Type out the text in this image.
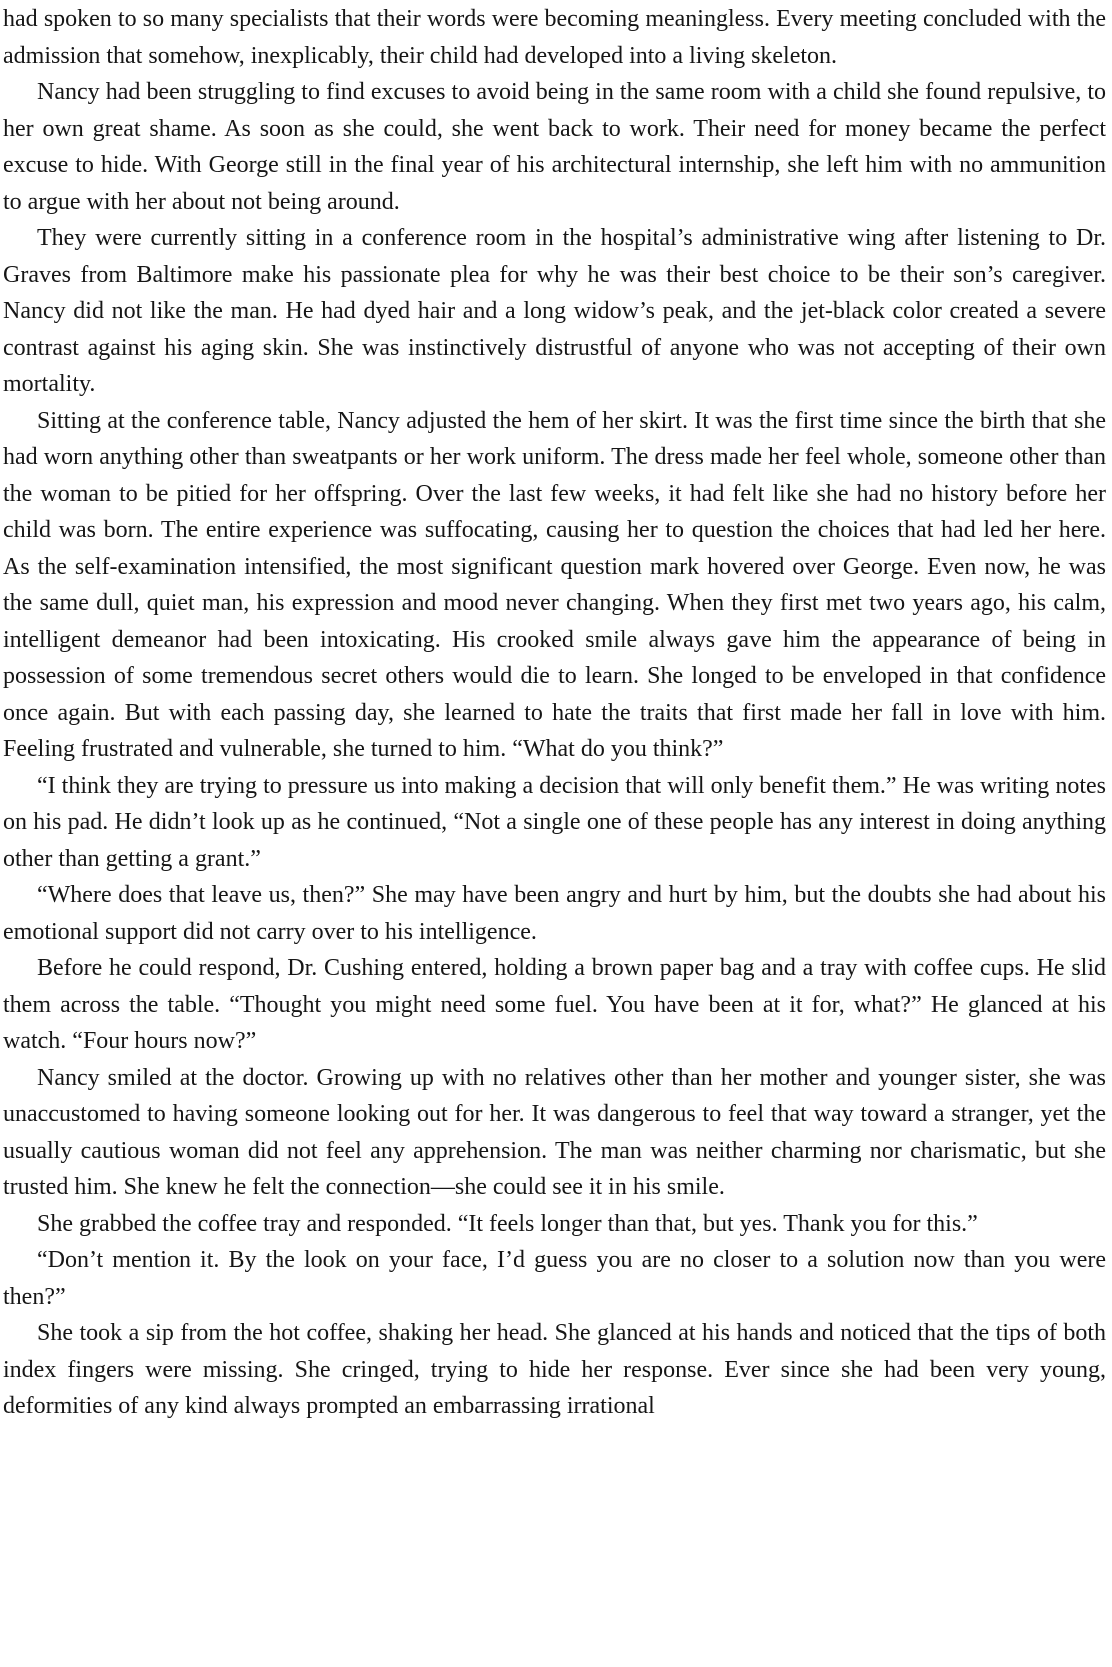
had spoken to so many specialists that their words were becoming meaningless. Every meeting concluded with the admission that somehow, inexplicably, their child had developed into a living skeleton.

Nancy had been struggling to find excuses to avoid being in the same room with a child she found repulsive, to her own great shame. As soon as she could, she went back to work. Their need for money became the perfect excuse to hide. With George still in the final year of his architectural internship, she left him with no ammunition to argue with her about not being around.

They were currently sitting in a conference room in the hospital’s administrative wing after listening to Dr. Graves from Baltimore make his passionate plea for why he was their best choice to be their son’s caregiver. Nancy did not like the man. He had dyed hair and a long widow’s peak, and the jet-black color created a severe contrast against his aging skin. She was instinctively distrustful of anyone who was not accepting of their own mortality.

Sitting at the conference table, Nancy adjusted the hem of her skirt. It was the first time since the birth that she had worn anything other than sweatpants or her work uniform. The dress made her feel whole, someone other than the woman to be pitied for her offspring. Over the last few weeks, it had felt like she had no history before her child was born. The entire experience was suffocating, causing her to question the choices that had led her here. As the self-examination intensified, the most significant question mark hovered over George. Even now, he was the same dull, quiet man, his expression and mood never changing. When they first met two years ago, his calm, intelligent demeanor had been intoxicating. His crooked smile always gave him the appearance of being in possession of some tremendous secret others would die to learn. She longed to be enveloped in that confidence once again. But with each passing day, she learned to hate the traits that first made her fall in love with him. Feeling frustrated and vulnerable, she turned to him. “What do you think?”

“I think they are trying to pressure us into making a decision that will only benefit them.” He was writing notes on his pad. He didn’t look up as he continued, “Not a single one of these people has any interest in doing anything other than getting a grant.”

“Where does that leave us, then?” She may have been angry and hurt by him, but the doubts she had about his emotional support did not carry over to his intelligence.

Before he could respond, Dr. Cushing entered, holding a brown paper bag and a tray with coffee cups. He slid them across the table. “Thought you might need some fuel. You have been at it for, what?” He glanced at his watch. “Four hours now?”

Nancy smiled at the doctor. Growing up with no relatives other than her mother and younger sister, she was unaccustomed to having someone looking out for her. It was dangerous to feel that way toward a stranger, yet the usually cautious woman did not feel any apprehension. The man was neither charming nor charismatic, but she trusted him. She knew he felt the connection—she could see it in his smile.

She grabbed the coffee tray and responded. “It feels longer than that, but yes. Thank you for this.”

“Don’t mention it. By the look on your face, I’d guess you are no closer to a solution now than you were then?”

She took a sip from the hot coffee, shaking her head. She glanced at his hands and noticed that the tips of both index fingers were missing. She cringed, trying to hide her response. Ever since she had been very young, deformities of any kind always prompted an embarrassing irrational
